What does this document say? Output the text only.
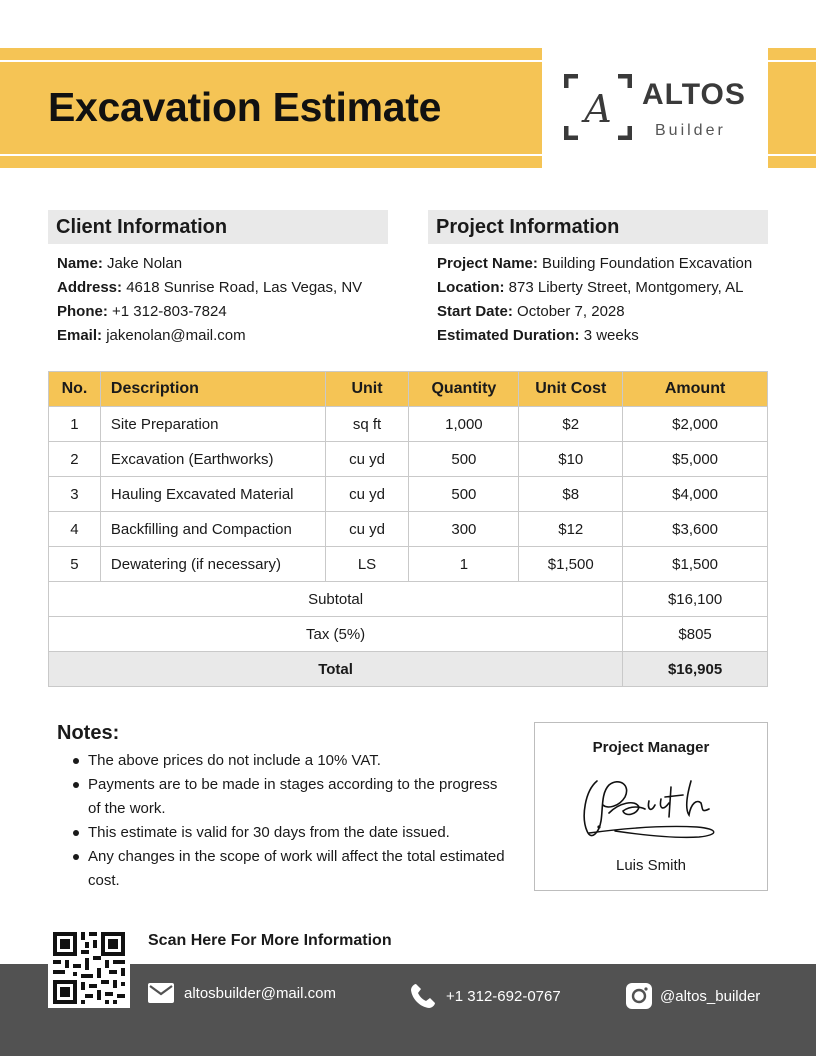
Excavation Estimate	A ALTOS
Builder
Client Information
Name: Jake Nolan
Address: 4618 Sunrise Road, Las Vegas, NV
Phone: +1 312-803-7824
Email: jakenolan@mail.com
Project Information
Project Name: Building Foundation Excavation
Location: 873 Liberty Street, Montgomery, AL
Start Date: October 7, 2028
Estimated Duration: 3 weeks
No.	Description	Unit	Quantity	Unit Cost	Amount
1	Site Preparation	sq ft	1,000	$2	$2,000
2	Excavation (Earthworks)	cu yd	500	$10	$5,000
3	Hauling Excavated Material	cu yd	500	$8	$4,000
4	Backfilling and Compaction	cu yd	300	$12	$3,600
5	Dewatering (if necessary)	LS	1	$1,500	$1,500
Subtotal					$16,100
Tax (5%)					$805
Total					$16,905
Notes:
The above prices do not include a 10% VAT.
Payments are to be made in stages according to the progress of the work.
This estimate is valid for 30 days from the date issued.
Any changes in the scope of work will affect the total estimated cost.
Project Manager
Luis Smith
Scan Here For More Information
altosbuilder@mail.com	+1 312-692-0767	@altos_builder
